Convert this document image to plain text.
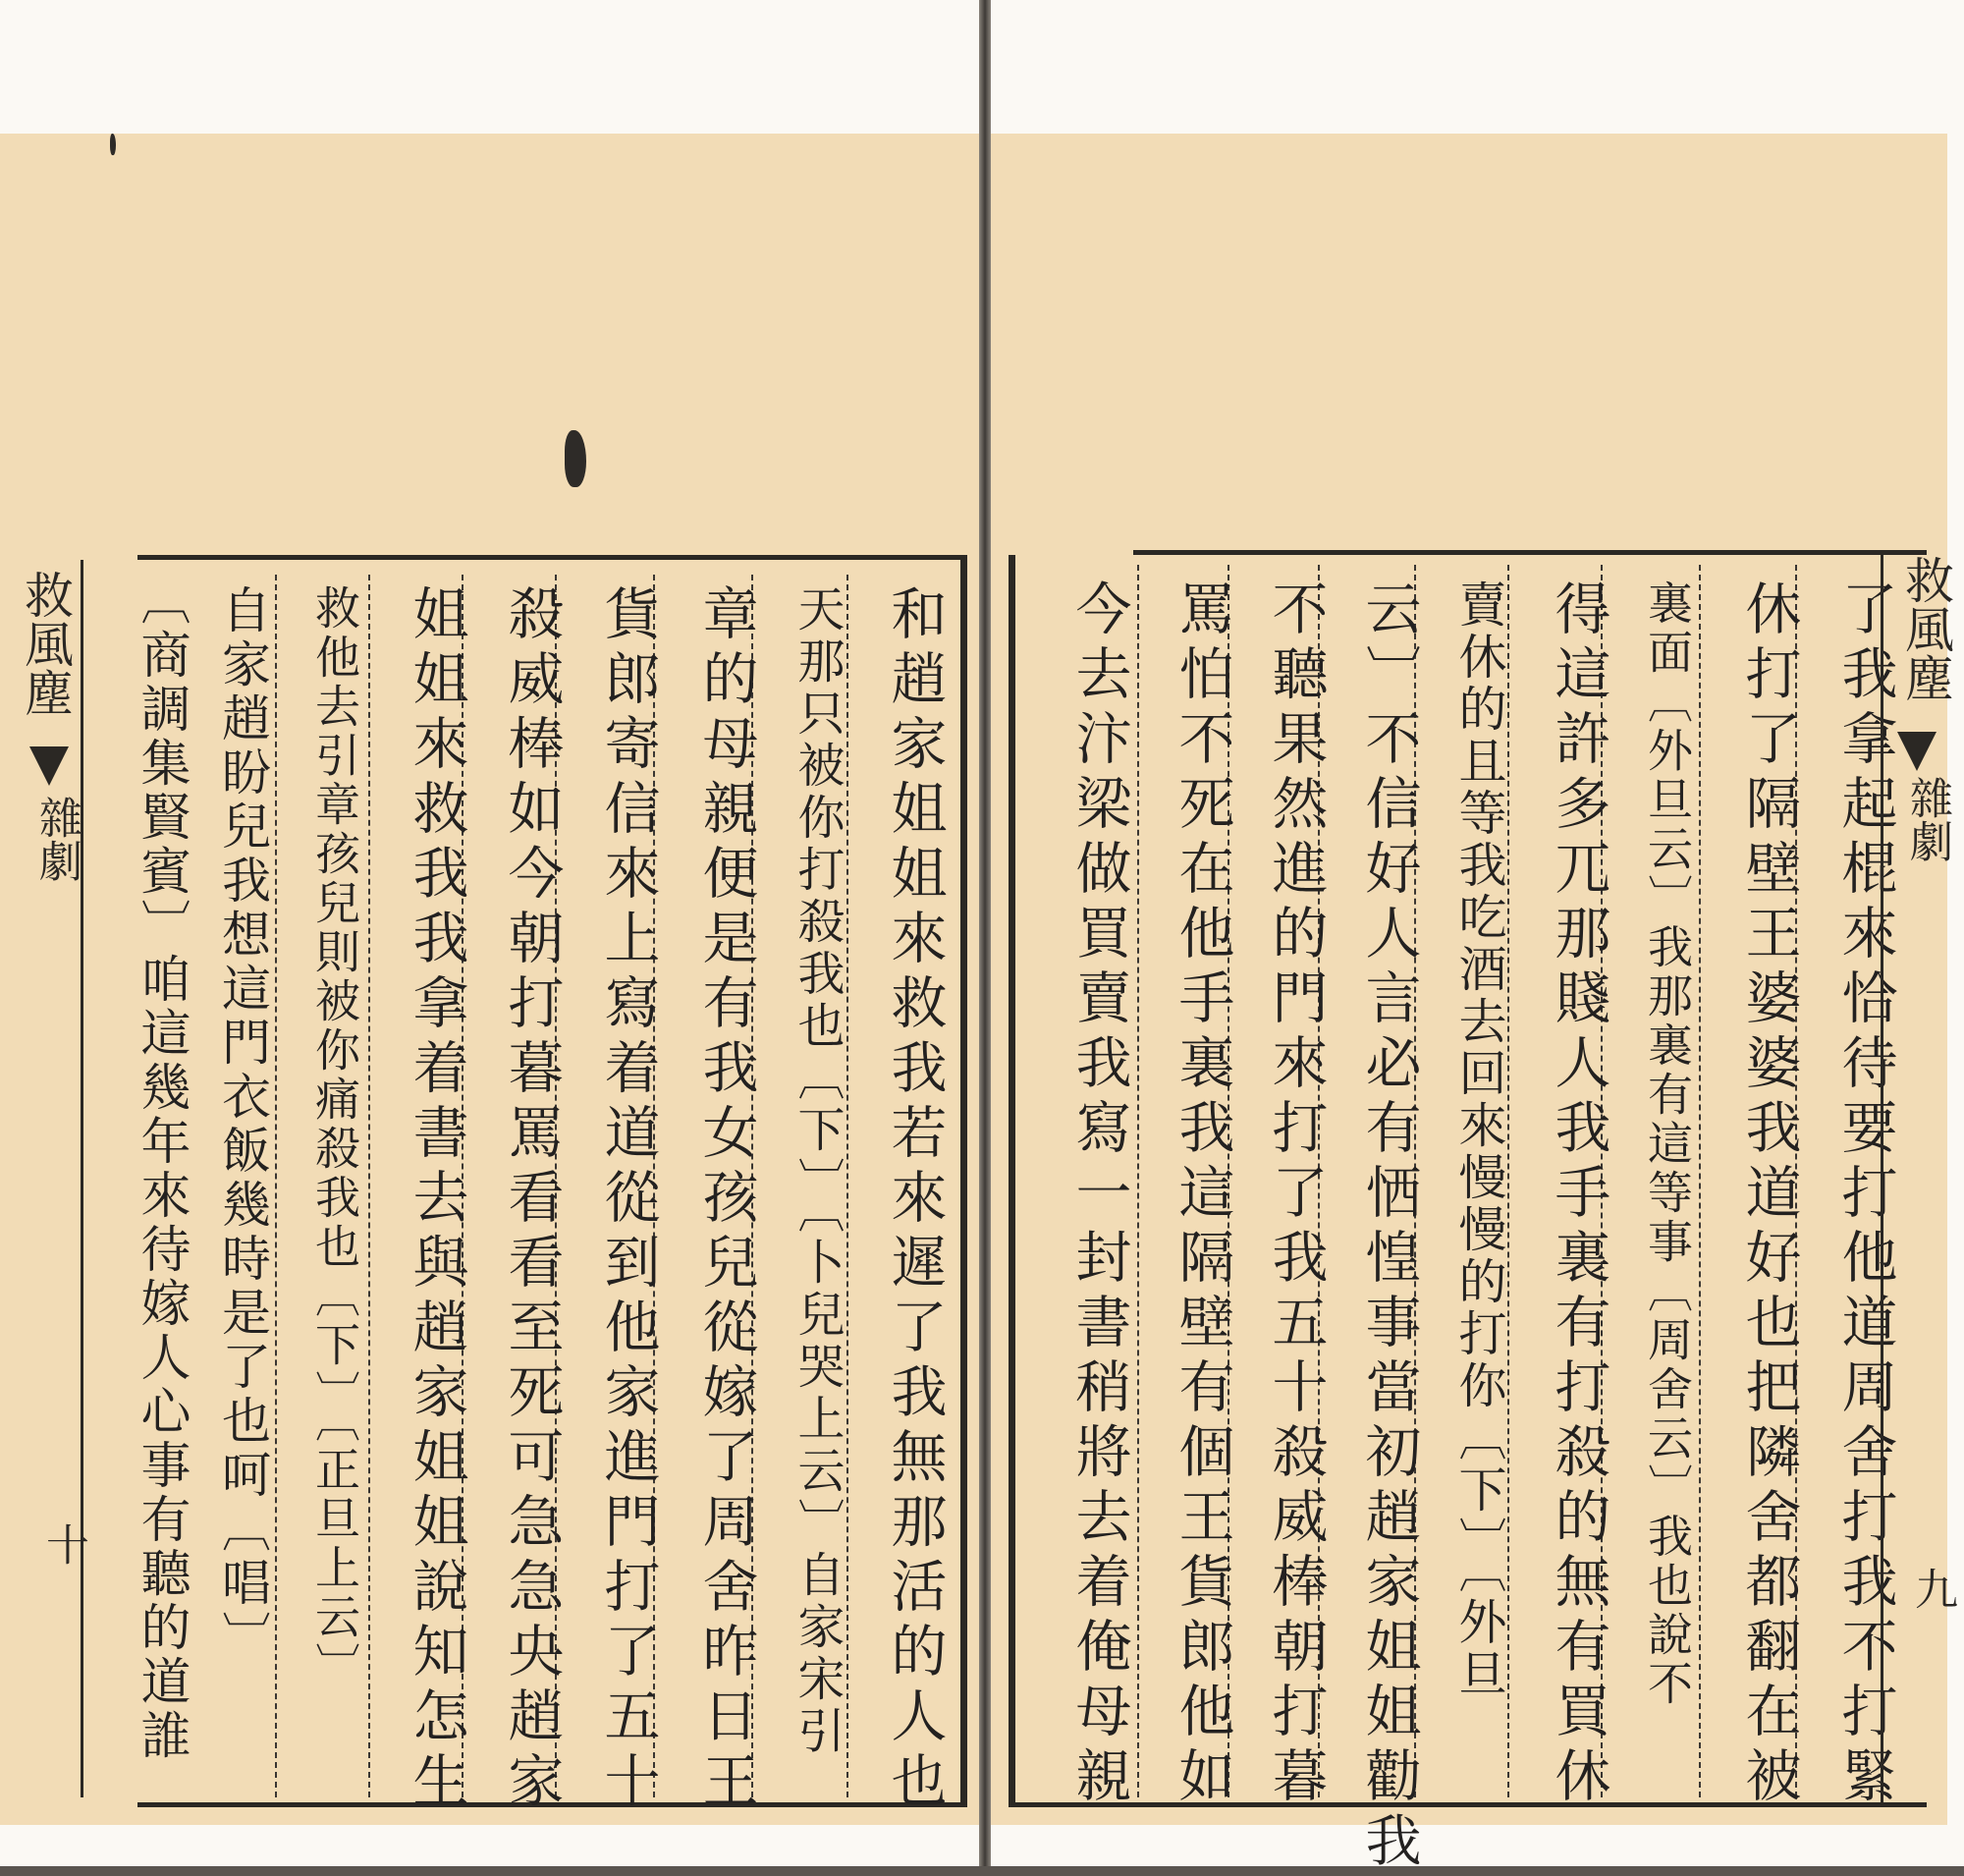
和趙家姐姐來救我若來遲了我無那活的人也
天那只被你打殺我也〔下〕〔卜兒哭上云〕自家宋引
章的母親便是有我女孩兒從嫁了周舍昨日王
貨郎寄信來上寫着道從到他家進門打了五十
殺威棒如今朝打暮罵看看至死可急急央趙家
姐姐來救我我拿着書去與趙家姐姐說知怎生
救他去引章孩兒則被你痛殺我也〔下〕〔正旦上云〕
自家趙盼兒我想這門衣飯幾時是了也呵〔唱〕
〔商調集賢賓〕咱這幾年來待嫁人心事有聽的道誰
救風塵
雜劇
十	了我拿起棍來恰待要打他道周舍打我不打緊
休打了隔壁王婆婆我道好也把隣舍都翻在被
裏面〔外旦云〕我那裏有這等事〔周舍云〕我也說不
得這許多兀那賤人我手裏有打殺的無有買休
賣休的且等我吃酒去回來慢慢的打你〔下〕〔外旦
云〕不信好人言必有恓惶事當初趙家姐姐勸我
不聽果然進的門來打了我五十殺威棒朝打暮
罵怕不死在他手裏我這隔壁有個王貨郎他如
今去汴梁做買賣我寫一封書稍將去着俺母親	救風塵
雜劇
九
